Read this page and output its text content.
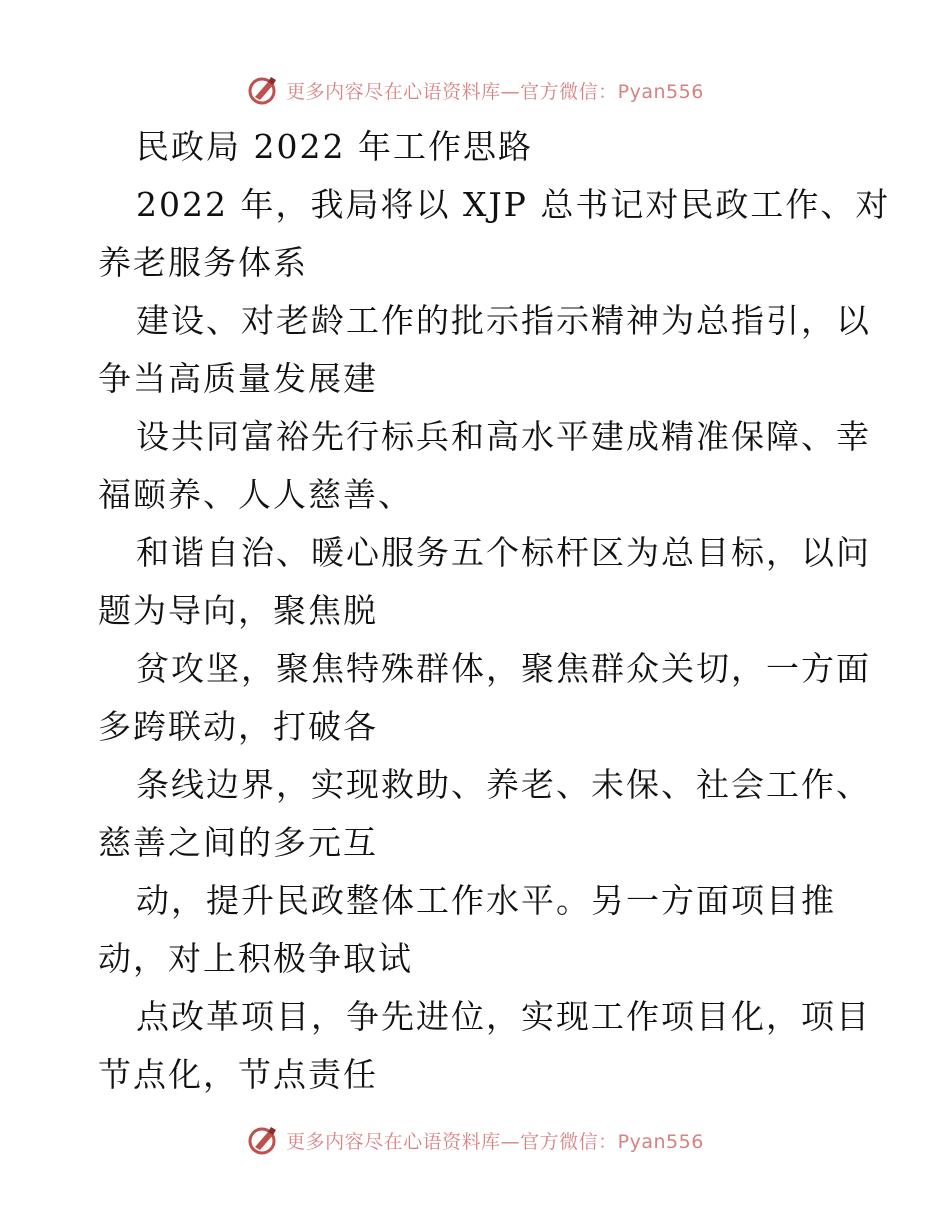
更多内容尽在心语资料库—官方微信：Pyan556
民政局 2022 年工作思路
2022 年，我局将以 XJP 总书记对民政工作、对
养老服务体系
建设、对老龄工作的批示指示精神为总指引，以
争当高质量发展建
设共同富裕先行标兵和高水平建成精准保障、幸
福颐养、人人慈善、
和谐自治、暖心服务五个标杆区为总目标，以问
题为导向，聚焦脱
贫攻坚，聚焦特殊群体，聚焦群众关切，一方面
多跨联动，打破各
条线边界，实现救助、养老、未保、社会工作、
慈善之间的多元互
动，提升民政整体工作水平。另一方面项目推
动，对上积极争取试
点改革项目，争先进位，实现工作项目化，项目
节点化，节点责任
更多内容尽在心语资料库—官方微信：Pyan556
